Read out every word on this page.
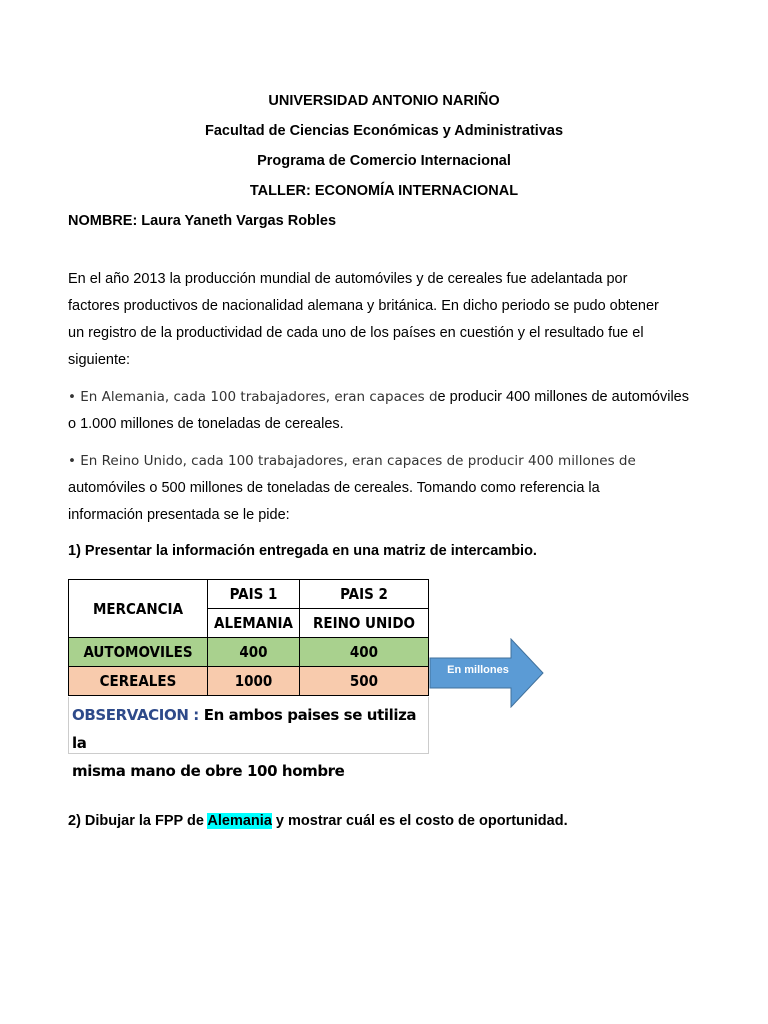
UNIVERSIDAD ANTONIO NARIÑO
Facultad de Ciencias Económicas y Administrativas
Programa de Comercio Internacional
TALLER: ECONOMÍA INTERNACIONAL
NOMBRE: Laura Yaneth Vargas Robles
En el año 2013 la producción mundial de automóviles y de cereales fue adelantada por
factores productivos de nacionalidad alemana y británica. En dicho periodo se pudo obtener
un registro de la productividad de cada uno de los países en cuestión y el resultado fue el
siguiente:
• En Alemania, cada 100 trabajadores, eran capaces de producir 400 millones de automóviles
o 1.000 millones de toneladas de cereales.
• En Reino Unido, cada 100 trabajadores, eran capaces de producir 400 millones de
automóviles o 500 millones de toneladas de cereales. Tomando como referencia la
información presentada se le pide:
1) Presentar la información entregada en una matriz de intercambio.
MERCANCIA	PAIS 1	PAIS 2
	ALEMANIA	REINO UNIDO
AUTOMOVILES	400	400
CEREALES	1000	500
OBSERVACION : En ambos paises se utiliza la
misma mano de obre 100 hombre
En millones
2) Dibujar la FPP de Alemania y mostrar cuál es el costo de oportunidad.
